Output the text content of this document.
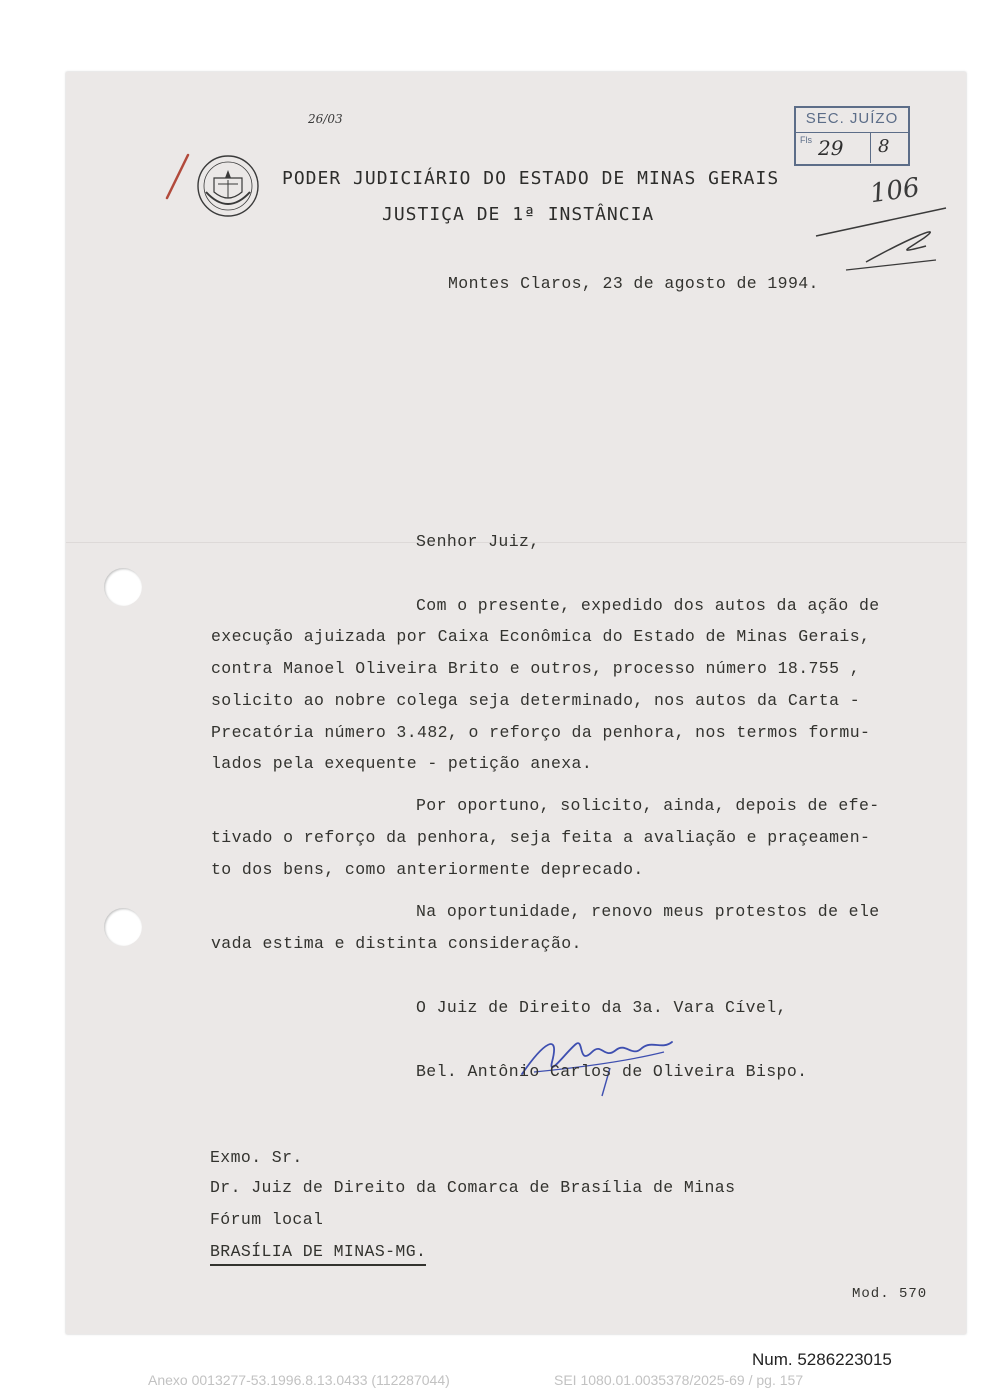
26/03
106
SEC. JUÍZO
Fls 29 8
PODER JUDICIÁRIO DO ESTADO DE MINAS GERAIS
JUSTIÇA DE 1ª INSTÂNCIA
Montes Claros, 23 de agosto de 1994.
Senhor Juiz,
Com o presente, expedido dos autos da ação de
execução ajuizada por Caixa Econômica do Estado de Minas Gerais,
contra Manoel Oliveira Brito e outros, processo número 18.755 ,
solicito ao nobre colega seja determinado, nos autos da Carta -
Precatória número 3.482, o reforço da penhora, nos termos formu-
lados pela exequente - petição anexa.
Por oportuno, solicito, ainda, depois de efe-
tivado o reforço da penhora, seja feita a avaliação e praçeamen-
to dos bens, como anteriormente deprecado.
Na oportunidade, renovo meus protestos de ele
vada estima e distinta consideração.
O Juiz de Direito da 3a. Vara Cível,
Bel. Antônio Carlos de Oliveira Bispo.
Exmo. Sr.
Dr. Juiz de Direito da Comarca de Brasília de Minas
Fórum local
BRASÍLIA DE MINAS-MG.
Mod. 570
Num. 5286223015
Anexo 0013277-53.1996.8.13.0433 (112287044)	SEI 1080.01.0035378/2025-69 / pg. 157
